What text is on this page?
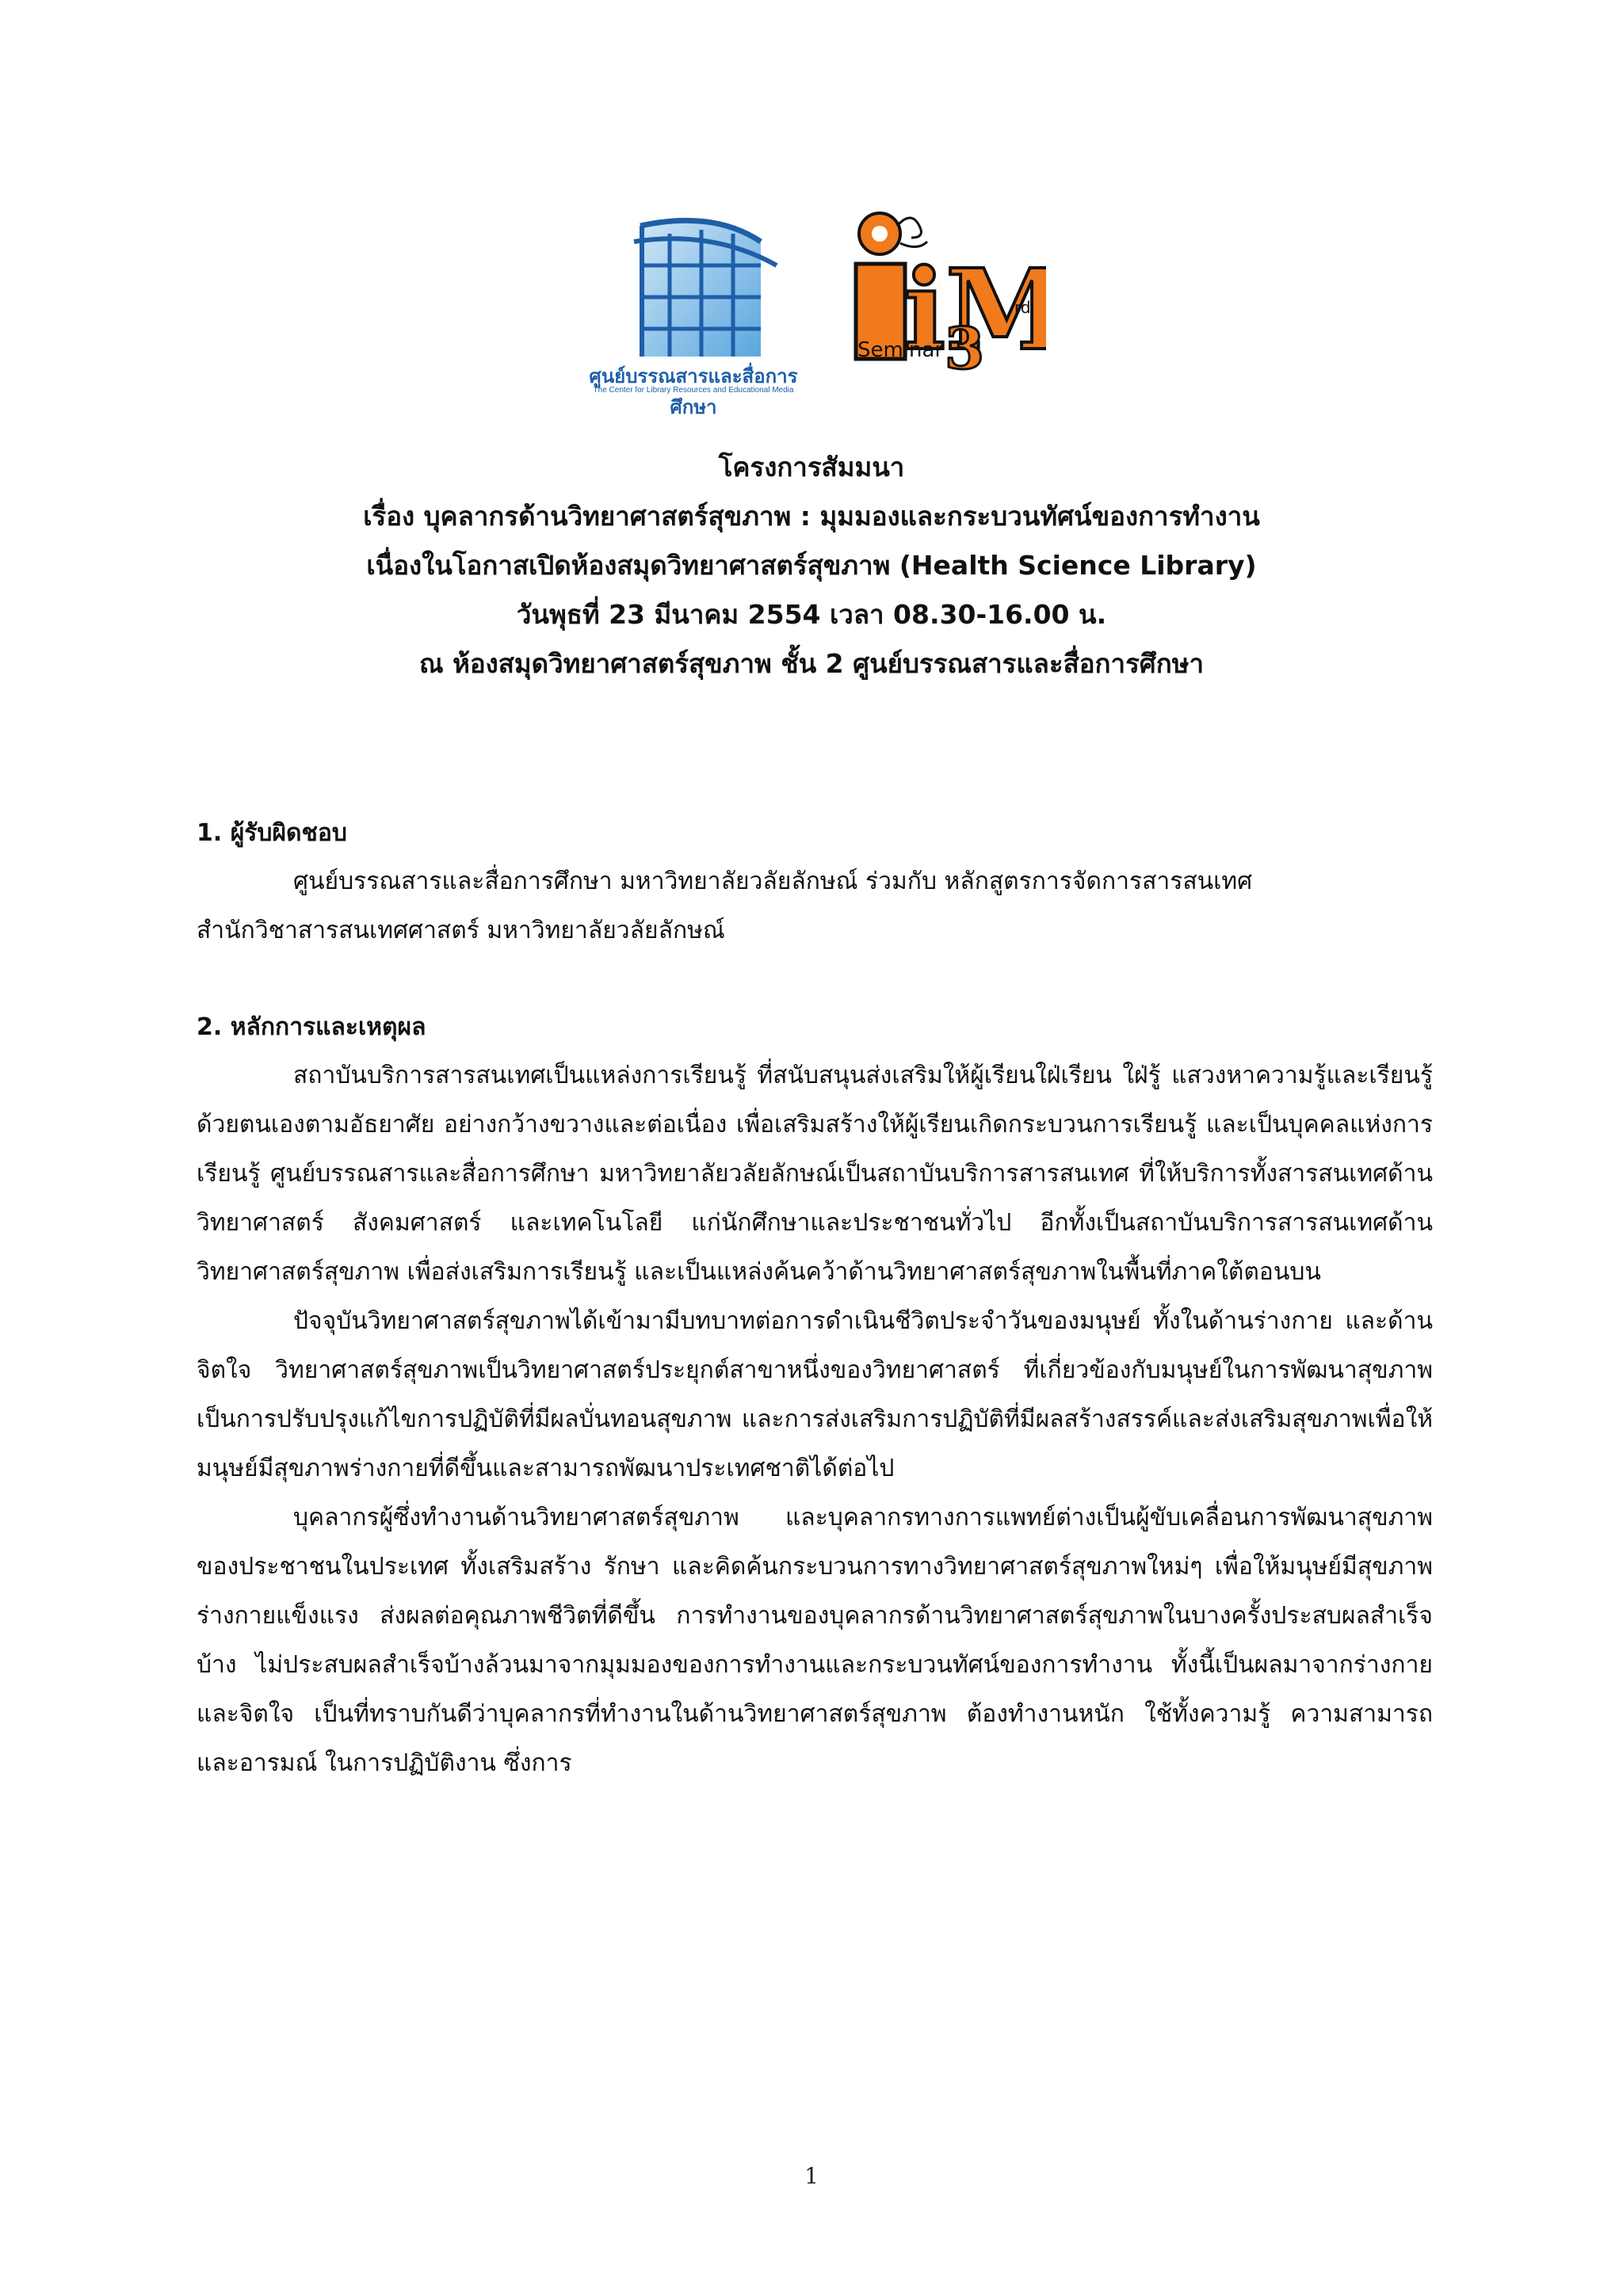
ศูนย์บรรณสารและสื่อการศึกษา
The Center for Library Resources and Educational Media
iM
Seminar 3
rd
โครงการสัมมนา
เรื่อง บุคลากรด้านวิทยาศาสตร์สุขภาพ : มุมมองและกระบวนทัศน์ของการทำงาน
เนื่องในโอกาสเปิดห้องสมุดวิทยาศาสตร์สุขภาพ (Health Science Library)
วันพุธที่ 23 มีนาคม 2554 เวลา 08.30-16.00 น.
ณ ห้องสมุดวิทยาศาสตร์สุขภาพ ชั้น 2 ศูนย์บรรณสารและสื่อการศึกษา
1. ผู้รับผิดชอบ

ศูนย์บรรณสารและสื่อการศึกษา มหาวิทยาลัยวลัยลักษณ์ ร่วมกับ หลักสูตรการจัดการสารสนเทศ

สำนักวิชาสารสนเทศศาสตร์ มหาวิทยาลัยวลัยลักษณ์

2. หลักการและเหตุผล

สถาบันบริการสารสนเทศเป็นแหล่งการเรียนรู้ ที่สนับสนุนส่งเสริมให้ผู้เรียนใฝ่เรียน ใฝ่รู้ แสวงหาความรู้และเรียนรู้ด้วยตนเองตามอัธยาศัย อย่างกว้างขวางและต่อเนื่อง เพื่อเสริมสร้างให้ผู้เรียนเกิดกระบวนการเรียนรู้ และเป็นบุคคลแห่งการเรียนรู้ ศูนย์บรรณสารและสื่อการศึกษา มหาวิทยาลัยวลัยลักษณ์เป็นสถาบันบริการสารสนเทศ ที่ให้บริการทั้งสารสนเทศด้านวิทยาศาสตร์ สังคมศาสตร์ และเทคโนโลยี แก่นักศึกษาและประชาชนทั่วไป อีกทั้งเป็นสถาบันบริการสารสนเทศด้านวิทยาศาสตร์สุขภาพ เพื่อส่งเสริมการเรียนรู้ และเป็นแหล่งค้นคว้าด้านวิทยาศาสตร์สุขภาพในพื้นที่ภาคใต้ตอนบน

ปัจจุบันวิทยาศาสตร์สุขภาพได้เข้ามามีบทบาทต่อการดำเนินชีวิตประจำวันของมนุษย์ ทั้งในด้านร่างกาย และด้านจิตใจ วิทยาศาสตร์สุขภาพเป็นวิทยาศาสตร์ประยุกต์สาขาหนึ่งของวิทยาศาสตร์ ที่เกี่ยวข้องกับมนุษย์ในการพัฒนาสุขภาพ เป็นการปรับปรุงแก้ไขการปฏิบัติที่มีผลบั่นทอนสุขภาพ และการส่งเสริมการปฏิบัติที่มีผลสร้างสรรค์และส่งเสริมสุขภาพเพื่อให้มนุษย์มีสุขภาพร่างกายที่ดีขึ้นและสามารถพัฒนาประเทศชาติได้ต่อไป

บุคลากรผู้ซึ่งทำงานด้านวิทยาศาสตร์สุขภาพ และบุคลากรทางการแพทย์ต่างเป็นผู้ขับเคลื่อนการพัฒนาสุขภาพของประชาชนในประเทศ ทั้งเสริมสร้าง รักษา และคิดค้นกระบวนการทางวิทยาศาสตร์สุขภาพใหม่ๆ เพื่อให้มนุษย์มีสุขภาพร่างกายแข็งแรง ส่งผลต่อคุณภาพชีวิตที่ดีขึ้น การทำงานของบุคลากรด้านวิทยาศาสตร์สุขภาพในบางครั้งประสบผลสำเร็จบ้าง ไม่ประสบผลสำเร็จบ้างล้วนมาจากมุมมองของการทำงานและกระบวนทัศน์ของการทำงาน ทั้งนี้เป็นผลมาจากร่างกายและจิตใจ เป็นที่ทราบกันดีว่าบุคลากรที่ทำงานในด้านวิทยาศาสตร์สุขภาพ ต้องทำงานหนัก ใช้ทั้งความรู้ ความสามารถ และอารมณ์ ในการปฏิบัติงาน ซึ่งการ

1
